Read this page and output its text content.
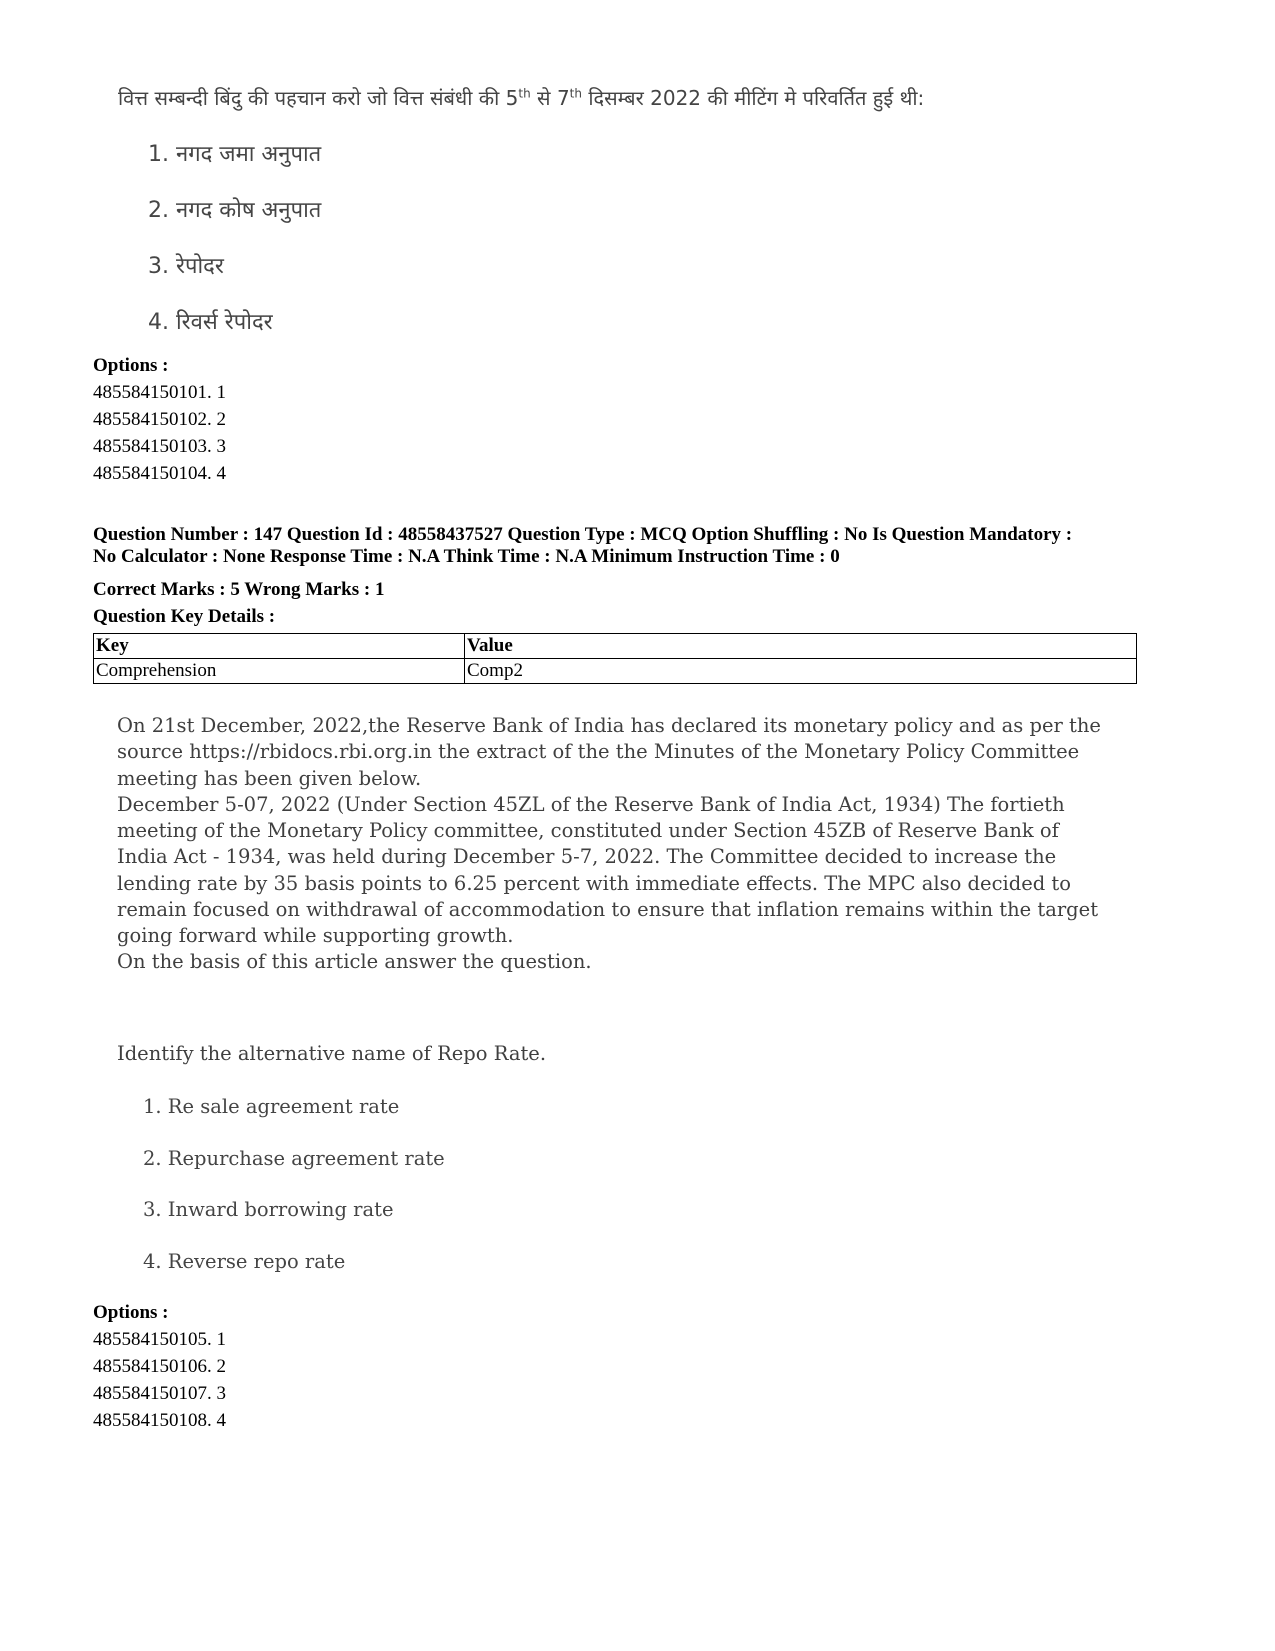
वित्त सम्बन्दी बिंदु की पहचान करो जो वित्त संबंधी की 5th से 7th दिसम्बर 2022 की मीटिंग मे परिवर्तित हुई थी:
1. नगद जमा अनुपात
2. नगद कोष अनुपात
3. रेपोदर
4. रिवर्स रेपोदर
Options :
485584150101. 1
485584150102. 2
485584150103. 3
485584150104. 4
Question Number : 147 Question Id : 48558437527 Question Type : MCQ Option Shuffling : No Is Question Mandatory :
No Calculator : None Response Time : N.A Think Time : N.A Minimum Instruction Time : 0
Correct Marks : 5 Wrong Marks : 1
Question Key Details :
Key	Value
Comprehension	Comp2

On 21st December, 2022,the Reserve Bank of India has declared its monetary policy and as per the source https://rbidocs.rbi.org.in the extract of the the Minutes of the Monetary Policy Committee meeting has been given below.

December 5-07, 2022 (Under Section 45ZL of the Reserve Bank of India Act, 1934) The fortieth meeting of the Monetary Policy committee, constituted under Section 45ZB of Reserve Bank of India Act - 1934, was held during December 5-7, 2022. The Committee decided to increase the lending rate by 35 basis points to 6.25 percent with immediate effects. The MPC also decided to remain focused on withdrawal of accommodation to ensure that inflation remains within the target going forward while supporting growth.

On the basis of this article answer the question.
Identify the alternative name of Repo Rate.
1. Re sale agreement rate
2. Repurchase agreement rate
3. Inward borrowing rate
4. Reverse repo rate
Options :
485584150105. 1
485584150106. 2
485584150107. 3
485584150108. 4
